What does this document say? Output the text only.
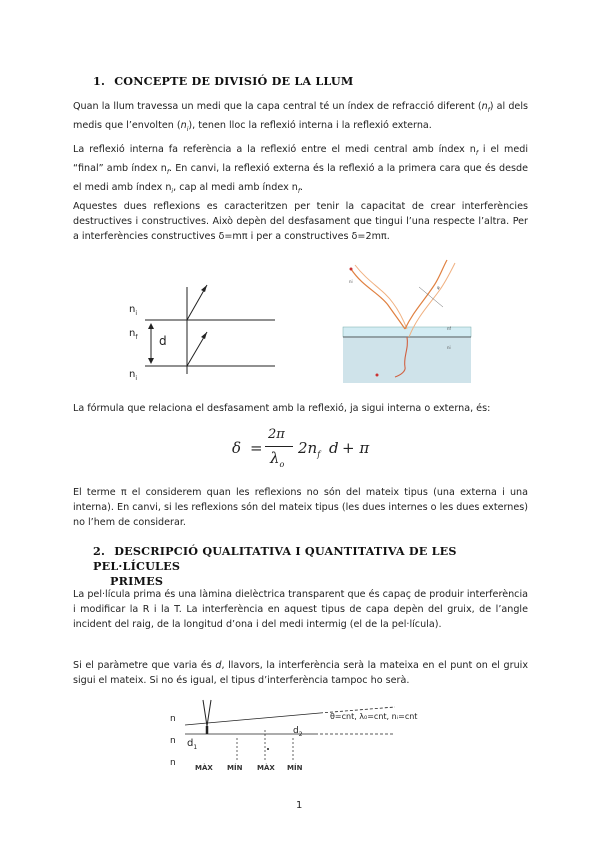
1. CONCEPTE DE DIVISIÓ DE LA LLUM
Quan la llum travessa un medi que la capa central té un índex de refracció diferent $(n_f)$ al dels medis que l’envolten $(n_i)$, tenen lloc la reflexió interna i la reflexió externa.
La reflexió interna fa referència a la reflexió entre el medi central amb índex $n_f$ i el medi “final” amb índex $n_f$. En canvi, la reflexió externa és la reflexió a la primera cara que és desde el medi amb índex $n_i$, cap al medi amb índex $n_f$.
Aquestes dues reflexions es caracteritzen per tenir la capacitat de crear interferències destructives i constructives. Això depèn del desfasament que tingui l’una respecte l’altra. Per a interferències constructives δ=mπ i per a constructives δ=2mπ.
$n_i$
$n_f$
$n_i$
d
ni
nf
ni
φ
La fórmula que relaciona el desfasament amb la reflexió, ja sigui interna o externa, és:
δ =
2π
$\lambda_o$
$2n_f$ d + π
El terme π el considerem quan les reflexions no són del mateix tipus (una externa i una interna). En canvi, si les reflexions són del mateix tipus (les dues internes o les dues externes) no l’hem de considerar.
2. DESCRIPCIÓ QUALITATIVA I QUANTITATIVA DE LES PEL·LÍCULES
PRIMES
La pel·lícula prima és una làmina dielèctrica transparent que és capaç de produir interferència i modificar la R i la T. La interferència en aquest tipus de capa depèn del gruix, de l’angle incident del raig, de la longitud d’ona i del medi intermig (el de la pel·lícula).
Si el paràmetre que varia és d, llavors, la interferència serà la mateixa en el punt on el gruix sigui el mateix. Si no és igual, el tipus d’interferència tampoc ho serà.
n
n
n
$d_1$
$d_2$
MÀX MÍN MÀX MÍN
θ=cnt, λ₀=cnt, nᵢ=cnt
1
